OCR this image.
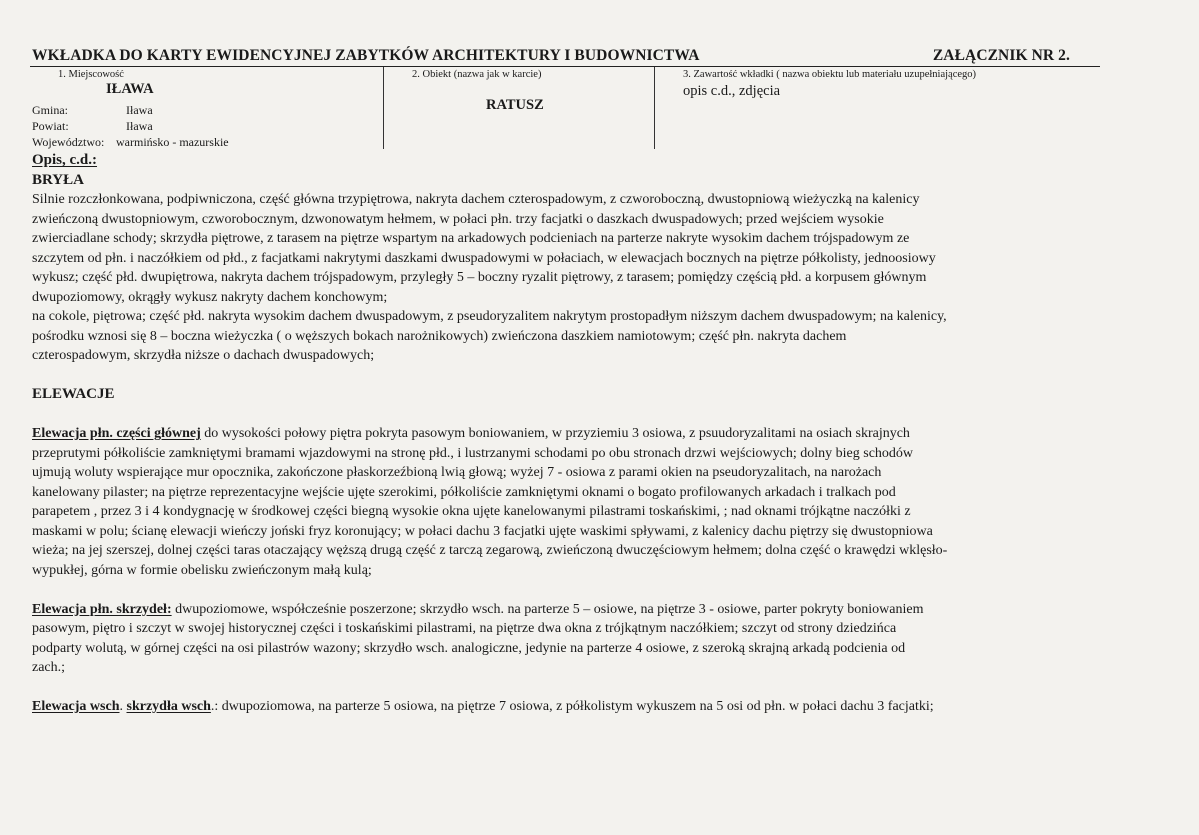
WKŁADKA DO KARTY EWIDENCYJNEJ ZABYTKÓW ARCHITEKTURY I BUDOWNICTWA	ZAŁĄCZNIK NR 2.
1. Miejscowość
IŁAWA
Gmina:	Iława
Powiat:	Iława
Województwo: warmińsko - mazurskie
2. Obiekt (nazwa jak w karcie)
RATUSZ
3. Zawartość wkładki ( nazwa obiektu lub materiału uzupełniającego)
opis c.d., zdjęcia
Opis, c.d.:
BRYŁA
Silnie rozczłonkowana, podpiwniczona, część główna trzypiętrowa, nakryta dachem czterospadowym, z czworoboczną, dwustopniową wieżyczką na kalenicy
zwieńczoną dwustopniowym, czworobocznym, dzwonowatym hełmem, w połaci płn. trzy facjatki o daszkach dwuspadowych; przed wejściem wysokie
zwierciadlane schody; skrzydła piętrowe, z tarasem na piętrze wspartym na arkadowych podcieniach na parterze nakryte wysokim dachem trójspadowym ze
szczytem od płn. i naczółkiem od płd., z facjatkami nakrytymi daszkami dwuspadowymi w połaciach, w elewacjach bocznych na piętrze półkolisty, jednoosiowy
wykusz; część płd. dwupiętrowa, nakryta dachem trójspadowym, przyległy 5 – boczny ryzalit piętrowy, z tarasem; pomiędzy częścią płd. a korpusem głównym
dwupoziomowy, okrągły wykusz nakryty dachem konchowym;
na cokole, piętrowa; część płd. nakryta wysokim dachem dwuspadowym, z pseudoryzalitem nakrytym prostopadłym niższym dachem dwuspadowym; na kalenicy,
pośrodku wznosi się 8 – boczna wieżyczka ( o węższych bokach narożnikowych) zwieńczona daszkiem namiotowym; część płn. nakryta dachem
czterospadowym, skrzydła niższe o dachach dwuspadowych;
ELEWACJE
Elewacja płn. części głównej do wysokości połowy piętra pokryta pasowym boniowaniem, w przyziemiu 3 osiowa, z psuudoryzalitami na osiach skrajnych
przeprutymi półkoliście zamkniętymi bramami wjazdowymi na stronę płd., i lustrzanymi schodami po obu stronach drzwi wejściowych; dolny bieg schodów
ujmują woluty wspierające mur opocznika, zakończone płaskorzeźbioną lwią głową; wyżej 7 - osiowa z parami okien na pseudoryzalitach, na narożach
kanelowany pilaster; na piętrze reprezentacyjne wejście ujęte szerokimi, półkoliście zamkniętymi oknami o bogato profilowanych arkadach i tralkach pod
parapetem , przez 3 i 4 kondygnację w środkowej części biegną wysokie okna ujęte kanelowanymi pilastrami toskańskimi, ; nad oknami trójkątne naczółki z
maskami w polu; ścianę elewacji wieńczy joński fryz koronujący; w połaci dachu 3 facjatki ujęte waskimi spływami, z kalenicy dachu piętrzy się dwustopniowa
wieża; na jej szerszej, dolnej części taras otaczający węższą drugą część z tarczą zegarową, zwieńczoną dwuczęściowym hełmem; dolna część o krawędzi wklęsło-
wypukłej, górna w formie obelisku zwieńczonym małą kulą;
Elewacja płn. skrzydeł: dwupoziomowe, współcześnie poszerzone; skrzydło wsch. na parterze 5 – osiowe, na piętrze 3 - osiowe, parter pokryty boniowaniem
pasowym, piętro i szczyt w swojej historycznej części i toskańskimi pilastrami, na piętrze dwa okna z trójkątnym naczółkiem; szczyt od strony dziedzińca
podparty wolutą, w górnej części na osi pilastrów wazony; skrzydło wsch. analogiczne, jedynie na parterze 4 osiowe, z szeroką skrajną arkadą podcienia od
zach.;
Elewacja wsch. skrzydła wsch.: dwupoziomowa, na parterze 5 osiowa, na piętrze 7 osiowa, z półkolistym wykuszem na 5 osi od płn. w połaci dachu 3 facjatki;
